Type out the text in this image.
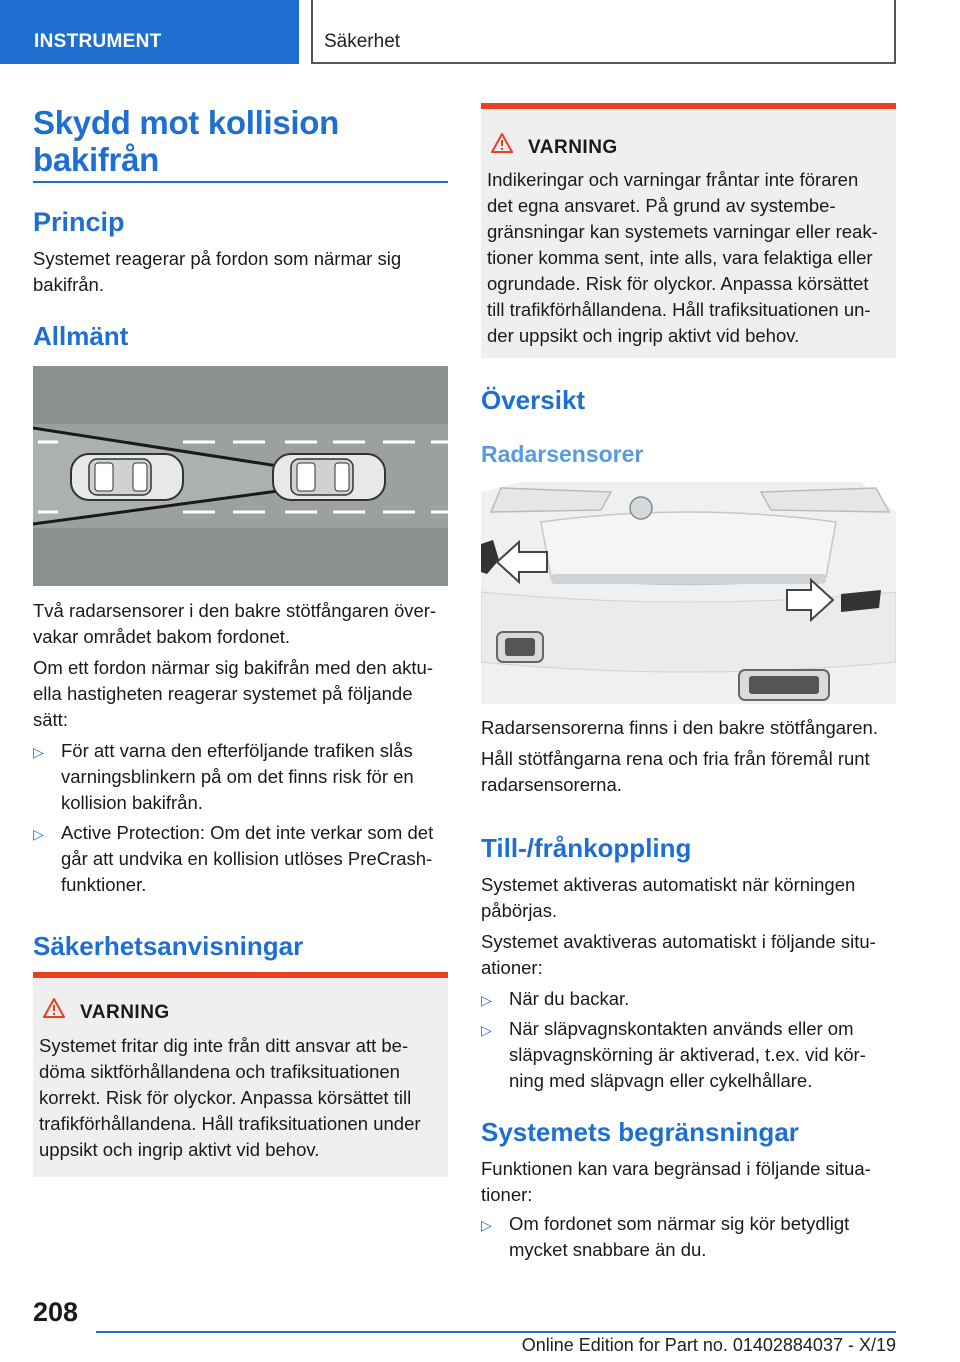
INSTRUMENT	Säkerhet
Skydd mot kollision
bakifrån
Princip
Systemet reagerar på fordon som närmar sig
bakifrån.
Allmänt
Två radarsensorer i den bakre stötfångaren över-
vakar området bakom fordonet.
Om ett fordon närmar sig bakifrån med den aktu-
ella hastigheten reagerar systemet på följande
sätt:
▷ För att varna den efterföljande trafiken slås
varningsblinkern på om det finns risk för en
kollision bakifrån.
▷ Active Protection: Om det inte verkar som det
går att undvika en kollision utlöses PreCrash-
funktioner.
Säkerhetsanvisningar
VARNING
Systemet fritar dig inte från ditt ansvar att be-
döma siktförhållandena och trafiksituationen
korrekt. Risk för olyckor. Anpassa körsättet till
trafikförhållandena. Håll trafiksituationen under
uppsikt och ingrip aktivt vid behov.
VARNING
Indikeringar och varningar fråntar inte föraren
det egna ansvaret. På grund av systembe-
gränsningar kan systemets varningar eller reak-
tioner komma sent, inte alls, vara felaktiga eller
ogrundade. Risk för olyckor. Anpassa körsättet
till trafikförhållandena. Håll trafiksituationen un-
der uppsikt och ingrip aktivt vid behov.
Översikt
Radarsensorer
Radarsensorerna finns i den bakre stötfångaren.
Håll stötfångarna rena och fria från föremål runt
radarsensorerna.
Till-/frånkoppling
Systemet aktiveras automatiskt när körningen
påbörjas.
Systemet avaktiveras automatiskt i följande situ-
ationer:
▷ När du backar.
▷ När släpvagnskontakten används eller om
släpvagnskörning är aktiverad, t.ex. vid kör-
ning med släpvagn eller cykelhållare.
Systemets begränsningar
Funktionen kan vara begränsad i följande situa-
tioner:
▷ Om fordonet som närmar sig kör betydligt
mycket snabbare än du.
208
Online Edition for Part no. 01402884037 - X/19
